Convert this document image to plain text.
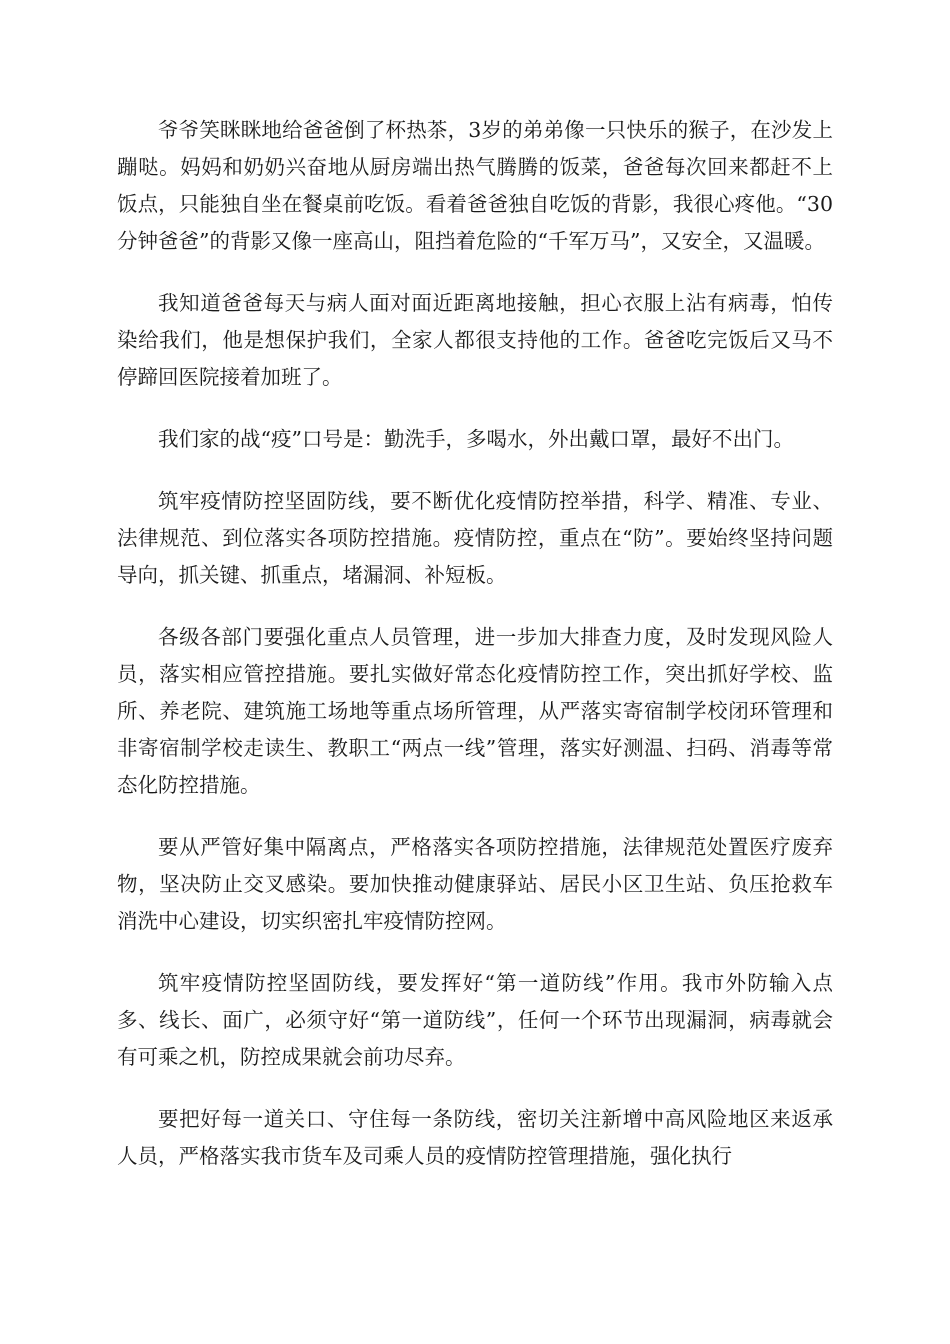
爷爷笑眯眯地给爸爸倒了杯热茶，3岁的弟弟像一只快乐的猴子，在沙发上蹦哒。妈妈和奶奶兴奋地从厨房端出热气腾腾的饭菜，爸爸每次回来都赶不上饭点，只能独自坐在餐桌前吃饭。看着爸爸独自吃饭的背影，我很心疼他。“30分钟爸爸”的背影又像一座高山，阻挡着危险的“千军万马”，又安全，又温暖。

我知道爸爸每天与病人面对面近距离地接触，担心衣服上沾有病毒，怕传染给我们，他是想保护我们，全家人都很支持他的工作。爸爸吃完饭后又马不停蹄回医院接着加班了。

我们家的战“疫”口号是：勤洗手，多喝水，外出戴口罩，最好不出门。

筑牢疫情防控坚固防线，要不断优化疫情防控举措，科学、精准、专业、法律规范、到位落实各项防控措施。疫情防控，重点在“防”。要始终坚持问题导向，抓关键、抓重点，堵漏洞、补短板。

各级各部门要强化重点人员管理，进一步加大排查力度，及时发现风险人员，落实相应管控措施。要扎实做好常态化疫情防控工作，突出抓好学校、监所、养老院、建筑施工场地等重点场所管理，从严落实寄宿制学校闭环管理和非寄宿制学校走读生、教职工“两点一线”管理，落实好测温、扫码、消毒等常态化防控措施。

要从严管好集中隔离点，严格落实各项防控措施，法律规范处置医疗废弃物，坚决防止交叉感染。要加快推动健康驿站、居民小区卫生站、负压抢救车消洗中心建设，切实织密扎牢疫情防控网。

筑牢疫情防控坚固防线，要发挥好“第一道防线”作用。我市外防输入点多、线长、面广，必须守好“第一道防线”，任何一个环节出现漏洞，病毒就会有可乘之机，防控成果就会前功尽弃。

要把好每一道关口、守住每一条防线，密切关注新增中高风险地区来返承人员，严格落实我市货车及司乘人员的疫情防控管理措施，强化执行
